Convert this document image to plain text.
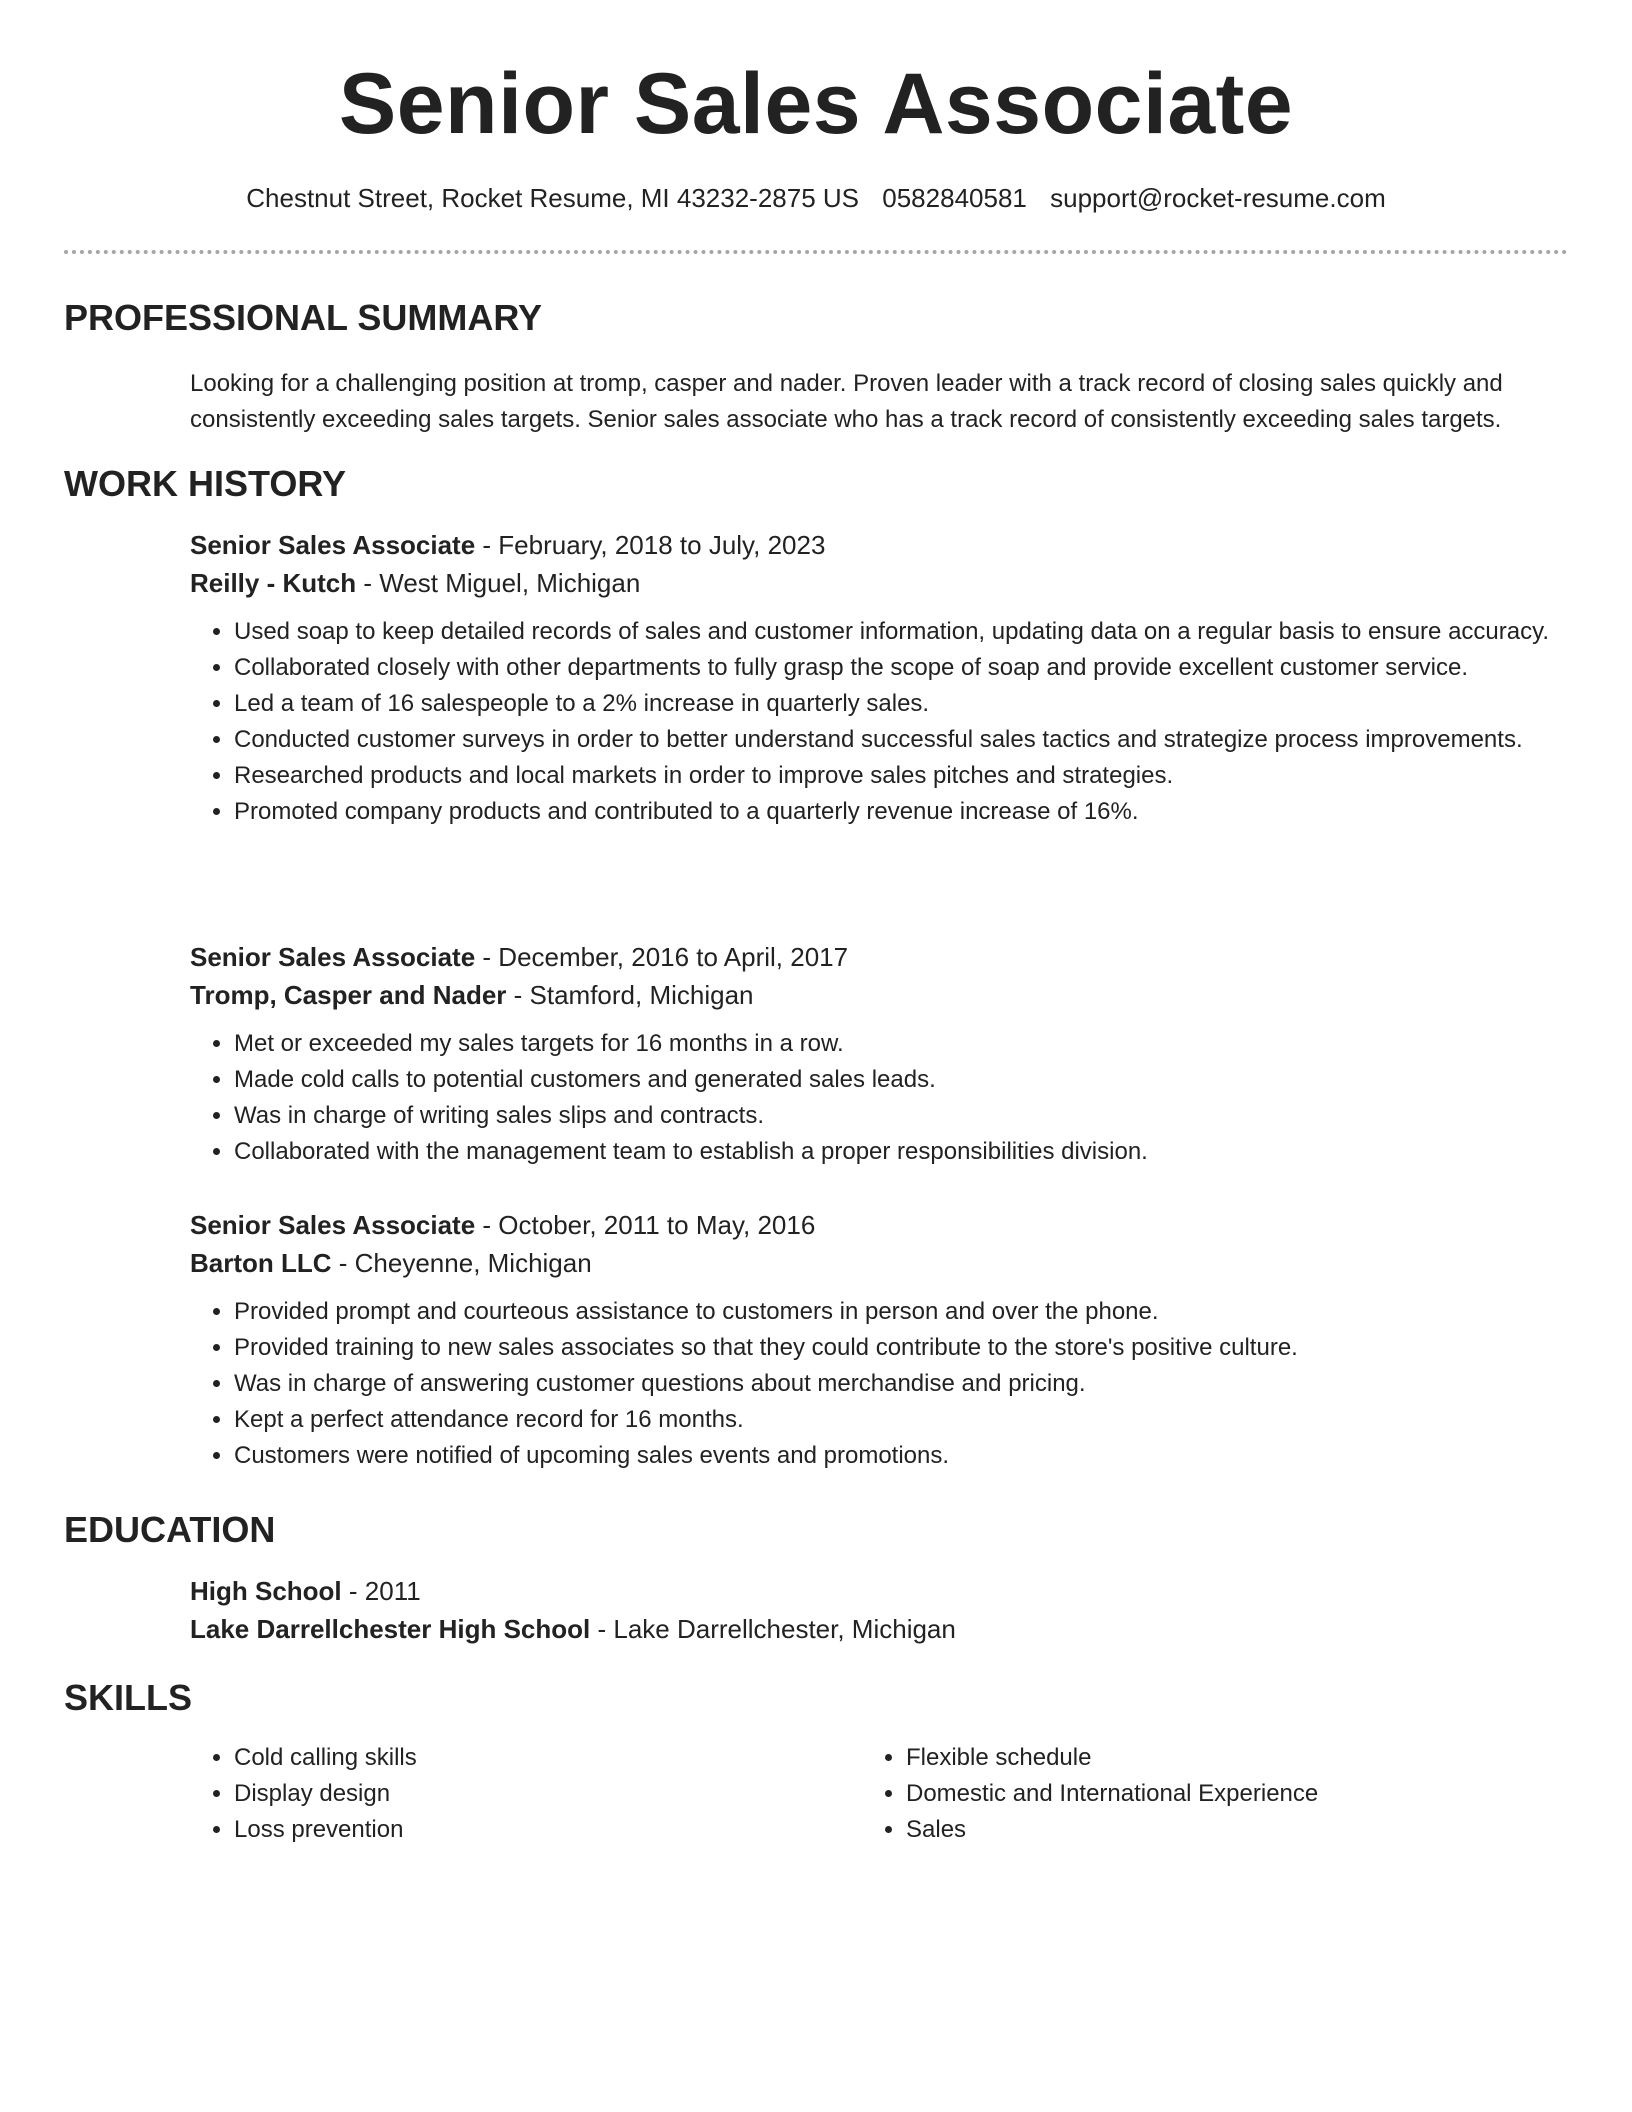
Senior Sales Associate
Chestnut Street, Rocket Resume, MI 43232-2875 US 0582840581 support@rocket-resume.com
PROFESSIONAL SUMMARY

Looking for a challenging position at tromp, casper and nader. Proven leader with a track record of closing sales quickly and consistently exceeding sales targets. Senior sales associate who has a track record of consistently exceeding sales targets.

WORK HISTORY

Senior Sales Associate - February, 2018 to July, 2023

Reilly - Kutch - West Miguel, Michigan

• Used soap to keep detailed records of sales and customer information, updating data on a regular basis to ensure accuracy.
• Collaborated closely with other departments to fully grasp the scope of soap and provide excellent customer service.
• Led a team of 16 salespeople to a 2% increase in quarterly sales.
• Conducted customer surveys in order to better understand successful sales tactics and strategize process improvements.
• Researched products and local markets in order to improve sales pitches and strategies.
• Promoted company products and contributed to a quarterly revenue increase of 16%.

Senior Sales Associate - December, 2016 to April, 2017

Tromp, Casper and Nader - Stamford, Michigan

• Met or exceeded my sales targets for 16 months in a row.
• Made cold calls to potential customers and generated sales leads.
• Was in charge of writing sales slips and contracts.
• Collaborated with the management team to establish a proper responsibilities division.

Senior Sales Associate - October, 2011 to May, 2016

Barton LLC - Cheyenne, Michigan

• Provided prompt and courteous assistance to customers in person and over the phone.
• Provided training to new sales associates so that they could contribute to the store's positive culture.
• Was in charge of answering customer questions about merchandise and pricing.
• Kept a perfect attendance record for 16 months.
• Customers were notified of upcoming sales events and promotions.
EDUCATION

High School - 2011

Lake Darrellchester High School - Lake Darrellchester, Michigan

SKILLS
• Cold calling skills
• Display design
• Loss prevention
• Flexible schedule
• Domestic and International Experience
• Sales
